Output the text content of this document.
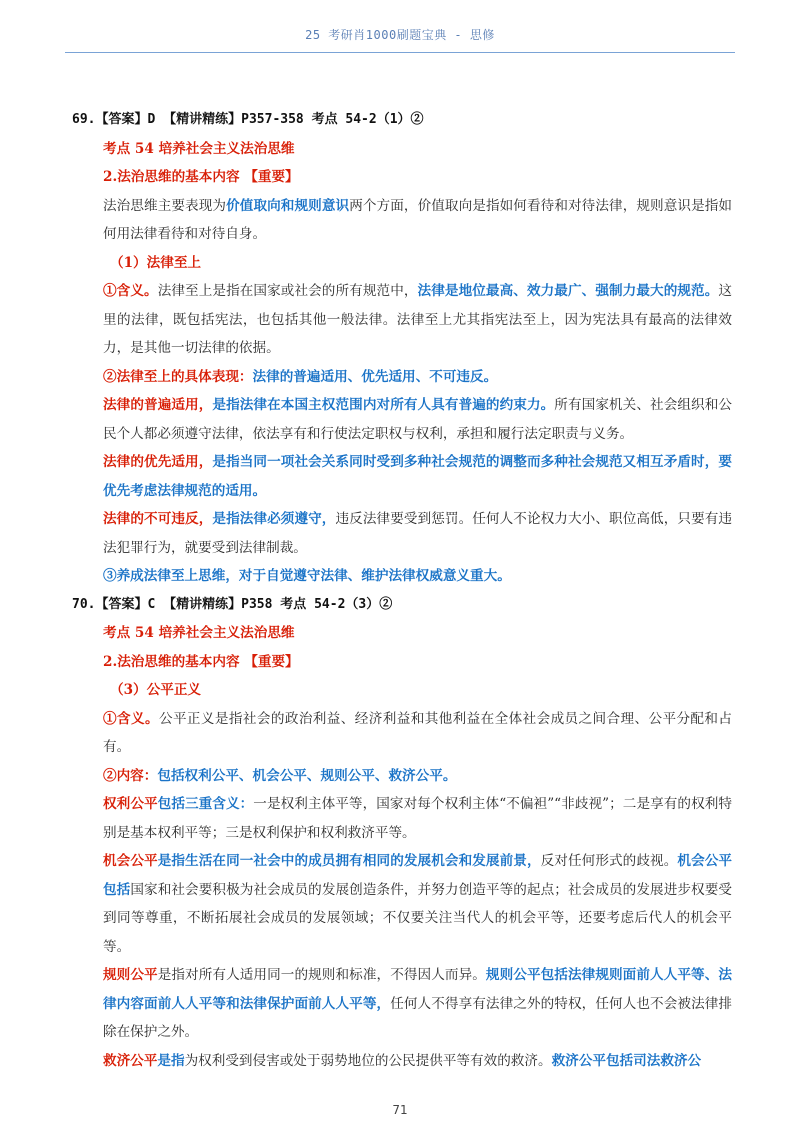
25 考研肖1000刷题宝典 - 思修

69.【答案】D 【精讲精练】P357-358 考点 54-2（1）②

考点 54 培养社会主义法治思维

2.法治思维的基本内容 【重要】

法治思维主要表现为价值取向和规则意识两个方面，价值取向是指如何看待和对待法律，规则意识是指如何用法律看待和对待自身。

（1）法律至上

①含义。法律至上是指在国家或社会的所有规范中，法律是地位最高、效力最广、强制力最大的规范。这里的法律，既包括宪法，也包括其他一般法律。法律至上尤其指宪法至上，因为宪法具有最高的法律效力，是其他一切法律的依据。

②法律至上的具体表现：法律的普遍适用、优先适用、不可违反。

法律的普遍适用，是指法律在本国主权范围内对所有人具有普遍的约束力。所有国家机关、社会组织和公民个人都必须遵守法律，依法享有和行使法定职权与权利，承担和履行法定职责与义务。

法律的优先适用，是指当同一项社会关系同时受到多种社会规范的调整而多种社会规范又相互矛盾时，要优先考虑法律规范的适用。

法律的不可违反，是指法律必须遵守，违反法律要受到惩罚。任何人不论权力大小、职位高低，只要有违法犯罪行为，就要受到法律制裁。

③养成法律至上思维，对于自觉遵守法律、维护法律权威意义重大。

70.【答案】C 【精讲精练】P358 考点 54-2（3）②

考点 54 培养社会主义法治思维

2.法治思维的基本内容 【重要】

（3）公平正义

①含义。公平正义是指社会的政治利益、经济利益和其他利益在全体社会成员之间合理、公平分配和占有。

②内容：包括权利公平、机会公平、规则公平、救济公平。

权利公平包括三重含义：一是权利主体平等，国家对每个权利主体“不偏袒”“非歧视”；二是享有的权利特别是基本权利平等；三是权利保护和权利救济平等。

机会公平是指生活在同一社会中的成员拥有相同的发展机会和发展前景，反对任何形式的歧视。机会公平包括国家和社会要积极为社会成员的发展创造条件，并努力创造平等的起点；社会成员的发展进步权要受到同等尊重，不断拓展社会成员的发展领域；不仅要关注当代人的机会平等，还要考虑后代人的机会平等。

规则公平是指对所有人适用同一的规则和标准，不得因人而异。规则公平包括法律规则面前人人平等、法律内容面前人人平等和法律保护面前人人平等，任何人不得享有法律之外的特权，任何人也不会被法律排除在保护之外。

救济公平是指为权利受到侵害或处于弱势地位的公民提供平等有效的救济。救济公平包括司法救济公

71
